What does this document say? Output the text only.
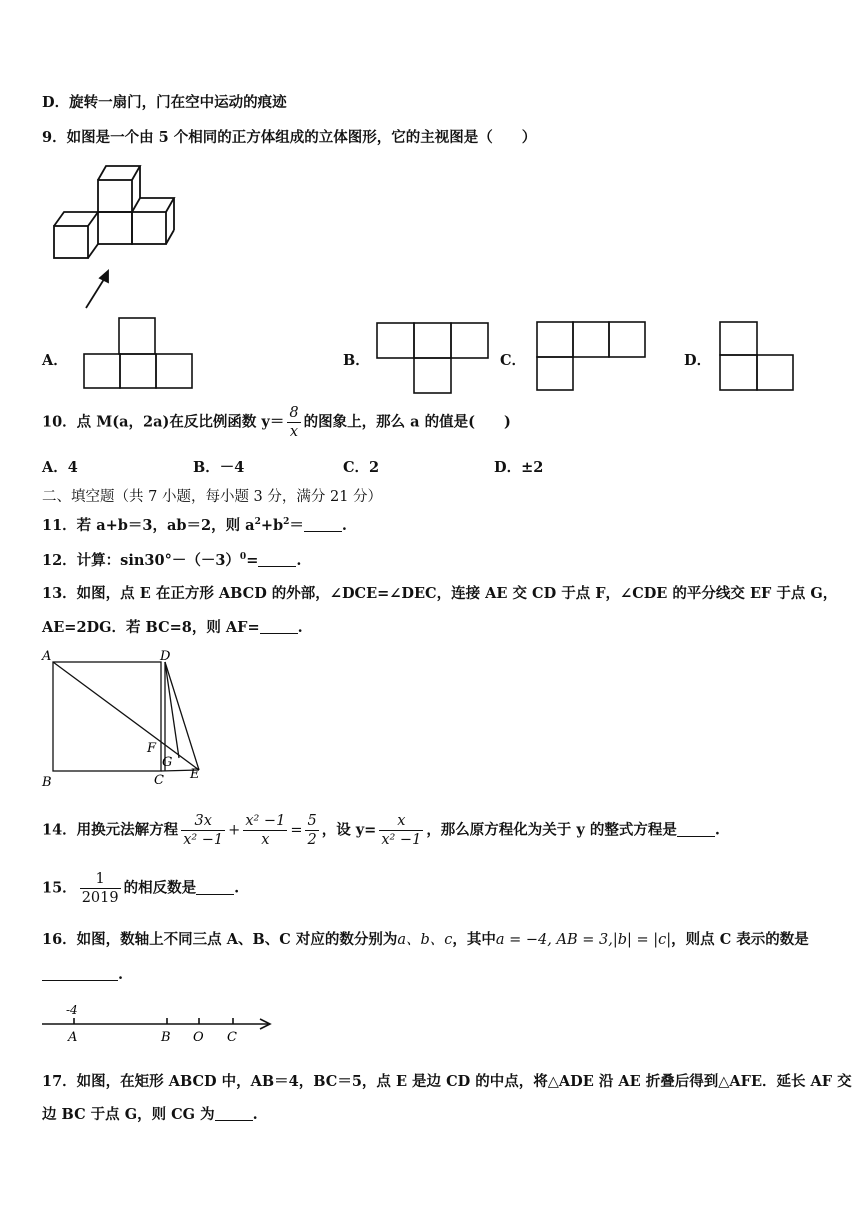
D．旋转一扇门，门在空中运动的痕迹
9．如图是一个由 5 个相同的正方体组成的立体图形，它的主视图是（　　）
A．	B．	C．	D．
10．点 M(a，2a)在反比例函数 $y= \frac{8}{x}$ 的图象上，那么 a 的值是(　　)
A．4	B．－4	C．2	D．±2
二、填空题（共 7 小题，每小题 3 分，满分 21 分）
11．若 a+b＝3，ab＝2，则 $a^2+b^2=$	.
12．计算：$\sin 30^\circ-(-3)^0=$	.
13．如图，点 E 在正方形 ABCD 的外部，∠DCE=∠DEC，连接 AE 交 CD 于点 F，∠CDE 的平分线交 EF 于点 G，
AE=2DG．若 BC=8，则 AF=	.
A	D
F
G
B	C E
14．用换元法解方程 $\frac{3x}{\text{x² −1}} + \frac{\text{x² −1}}{x} = \frac{5}{2}$ ，设 $y= \frac{x}{\text{x² −1}}$ ，那么原方程化为关于 y 的整式方程是	.
15． $\frac{1}{2019}$ 的相反数是	.
16．如图，数轴上不同三点 A、B、C 对应的数分别为a、b、c，其中a = −4, AB = 3,|b| = |c|，则点 C 表示的数是
.
-4
A	B O C
17．如图，在矩形 ABCD 中，AB＝4，BC＝5，点 E 是边 CD 的中点，将△ADE 沿 AE 折叠后得到△AFE．延长 AF 交
边 BC 于点 G，则 CG 为	.
